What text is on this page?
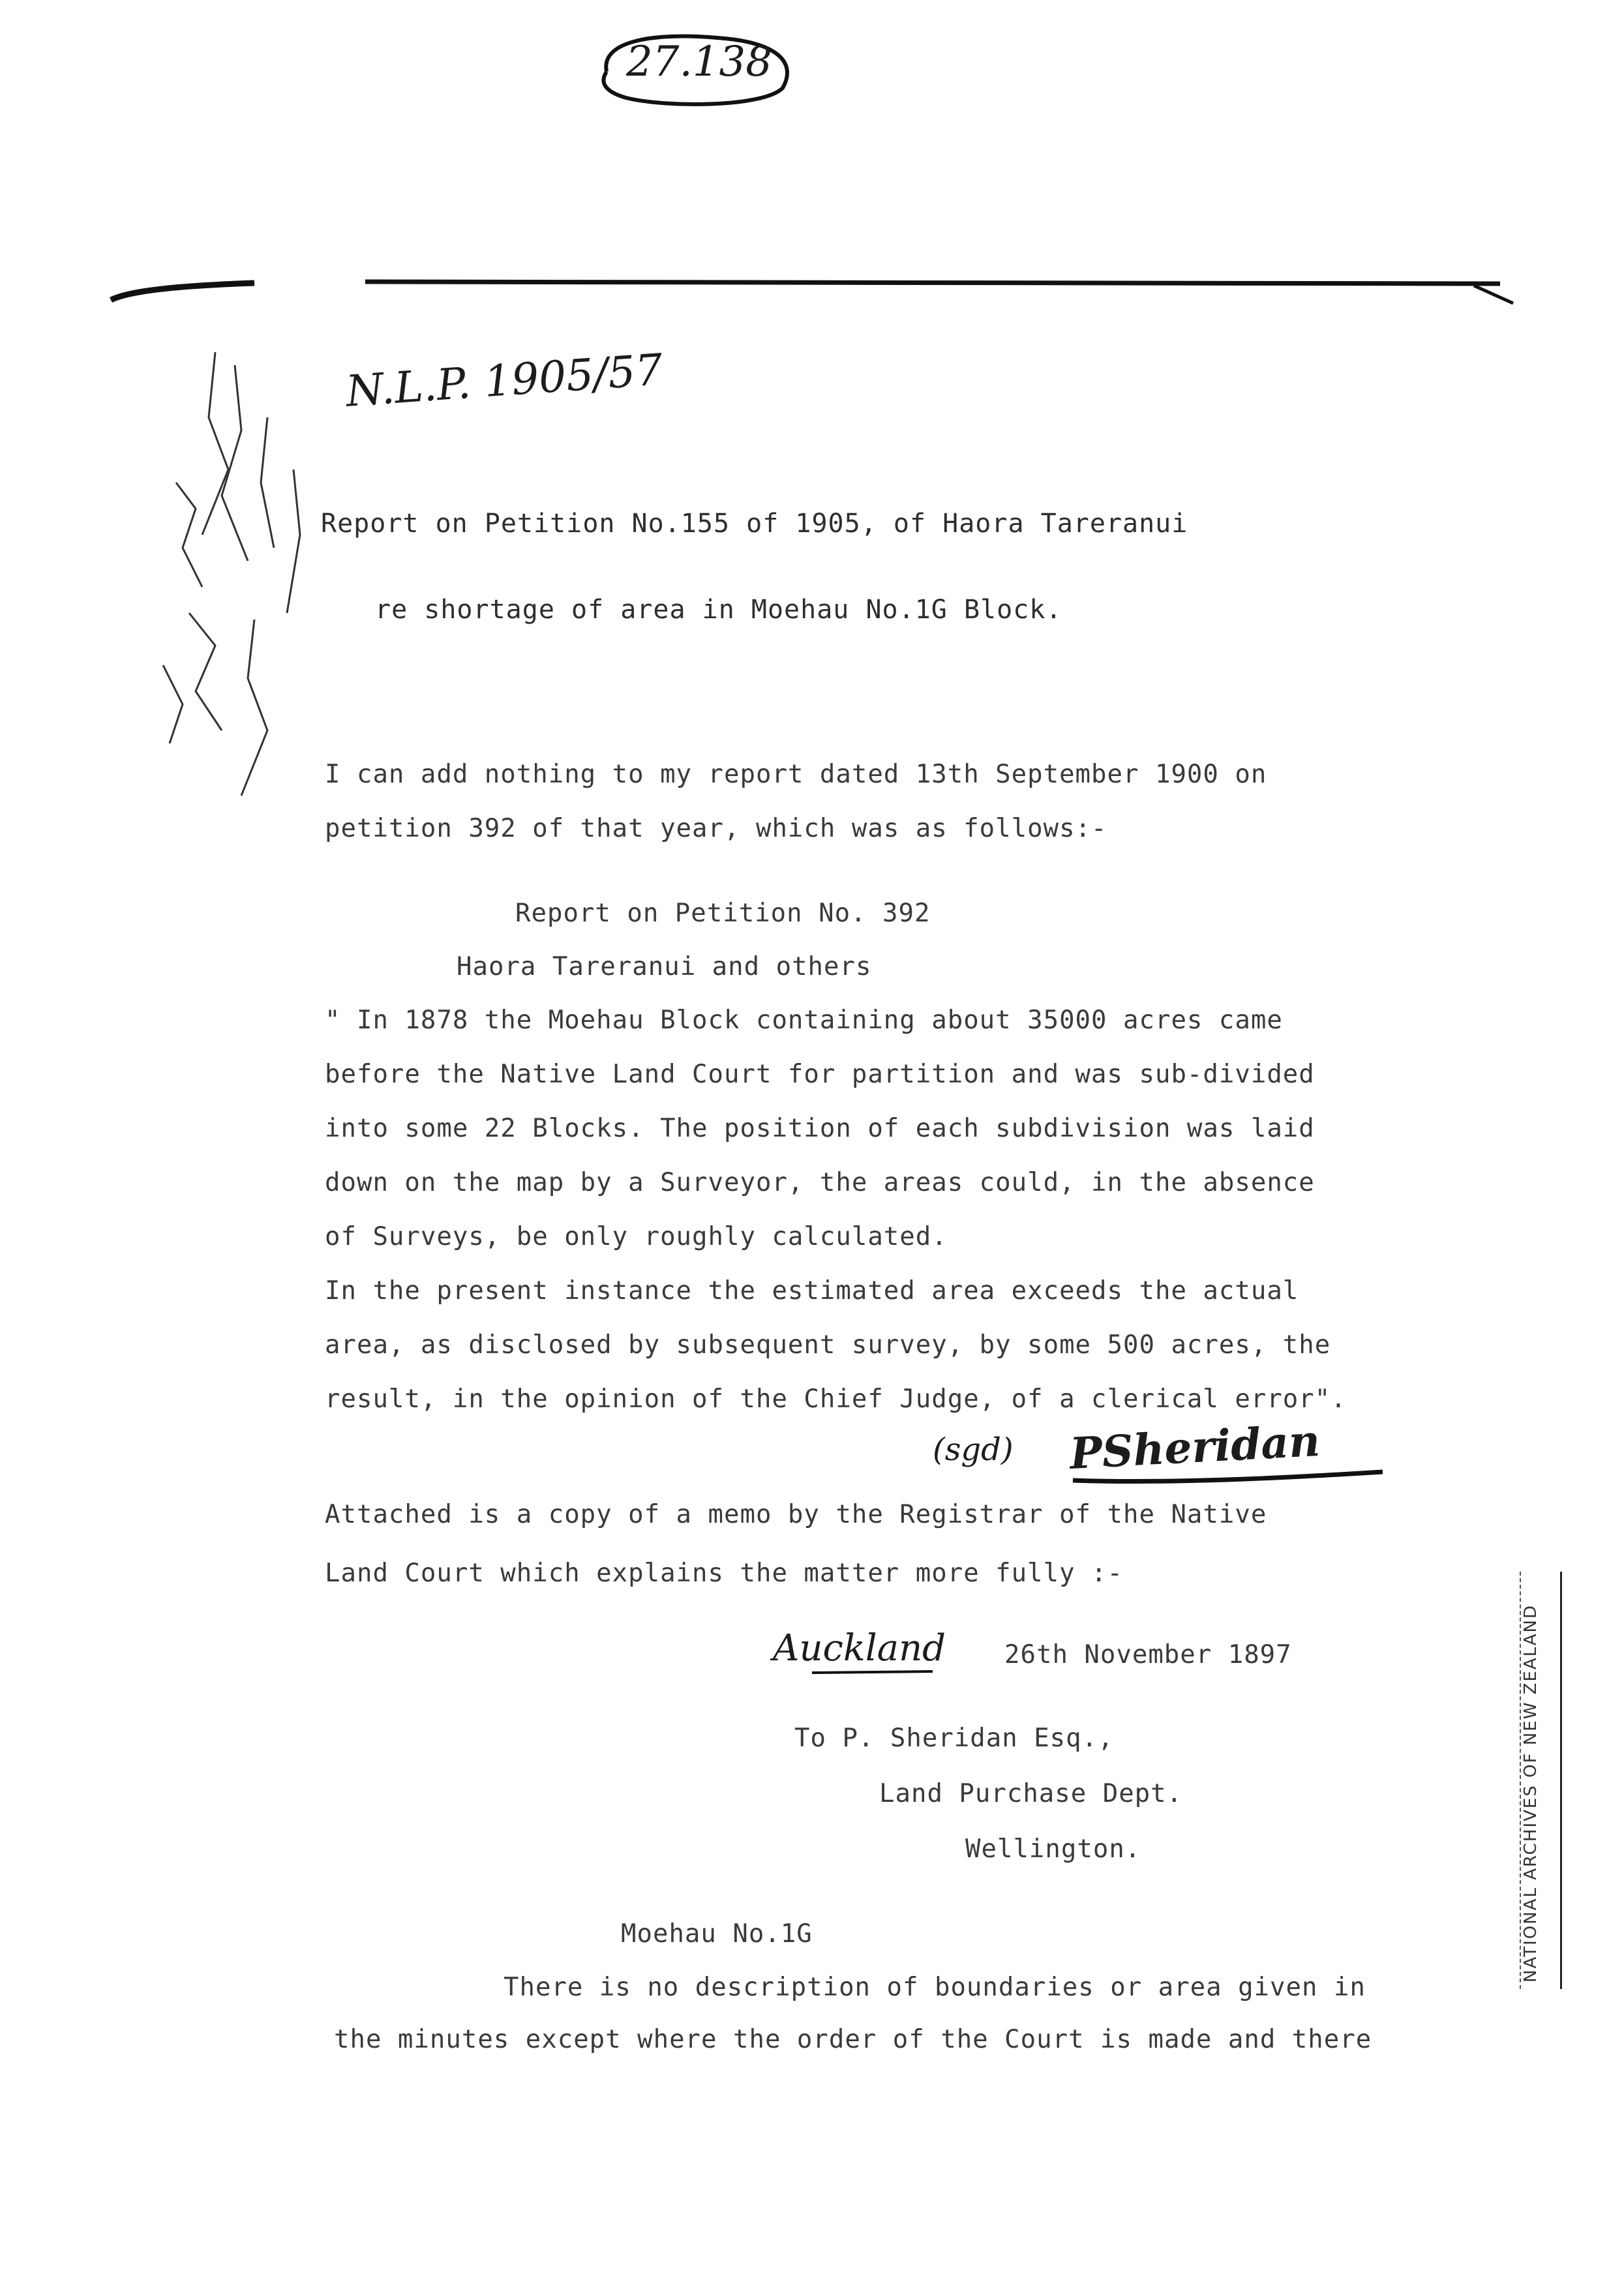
27.138
N.L.P. 1905/57
Report on Petition No.155 of 1905, of Haora Tareranui
re shortage of area in Moehau No.1G Block.
I can add nothing to my report dated 13th September 1900 on
petition 392 of that year, which was as follows:-
Report on Petition No. 392
Haora Tareranui and others
" In 1878 the Moehau Block containing about 35000 acres came
before the Native Land Court for partition and was sub-divided
into some 22 Blocks. The position of each subdivision was laid
down on the map by a Surveyor, the areas could, in the absence
of Surveys, be only roughly calculated.
In the present instance the estimated area exceeds the actual
area, as disclosed by subsequent survey, by some 500 acres, the
result, in the opinion of the Chief Judge, of a clerical error".
(sgd) PSheridan
Attached is a copy of a memo by the Registrar of the Native
Land Court which explains the matter more fully :-
Auckland 26th November 1897
To P. Sheridan Esq.,
Land Purchase Dept.
Wellington.
Moehau No.1G
There is no description of boundaries or area given in
the minutes except where the order of the Court is made and there
NATIONAL ARCHIVES OF NEW ZEALAND
